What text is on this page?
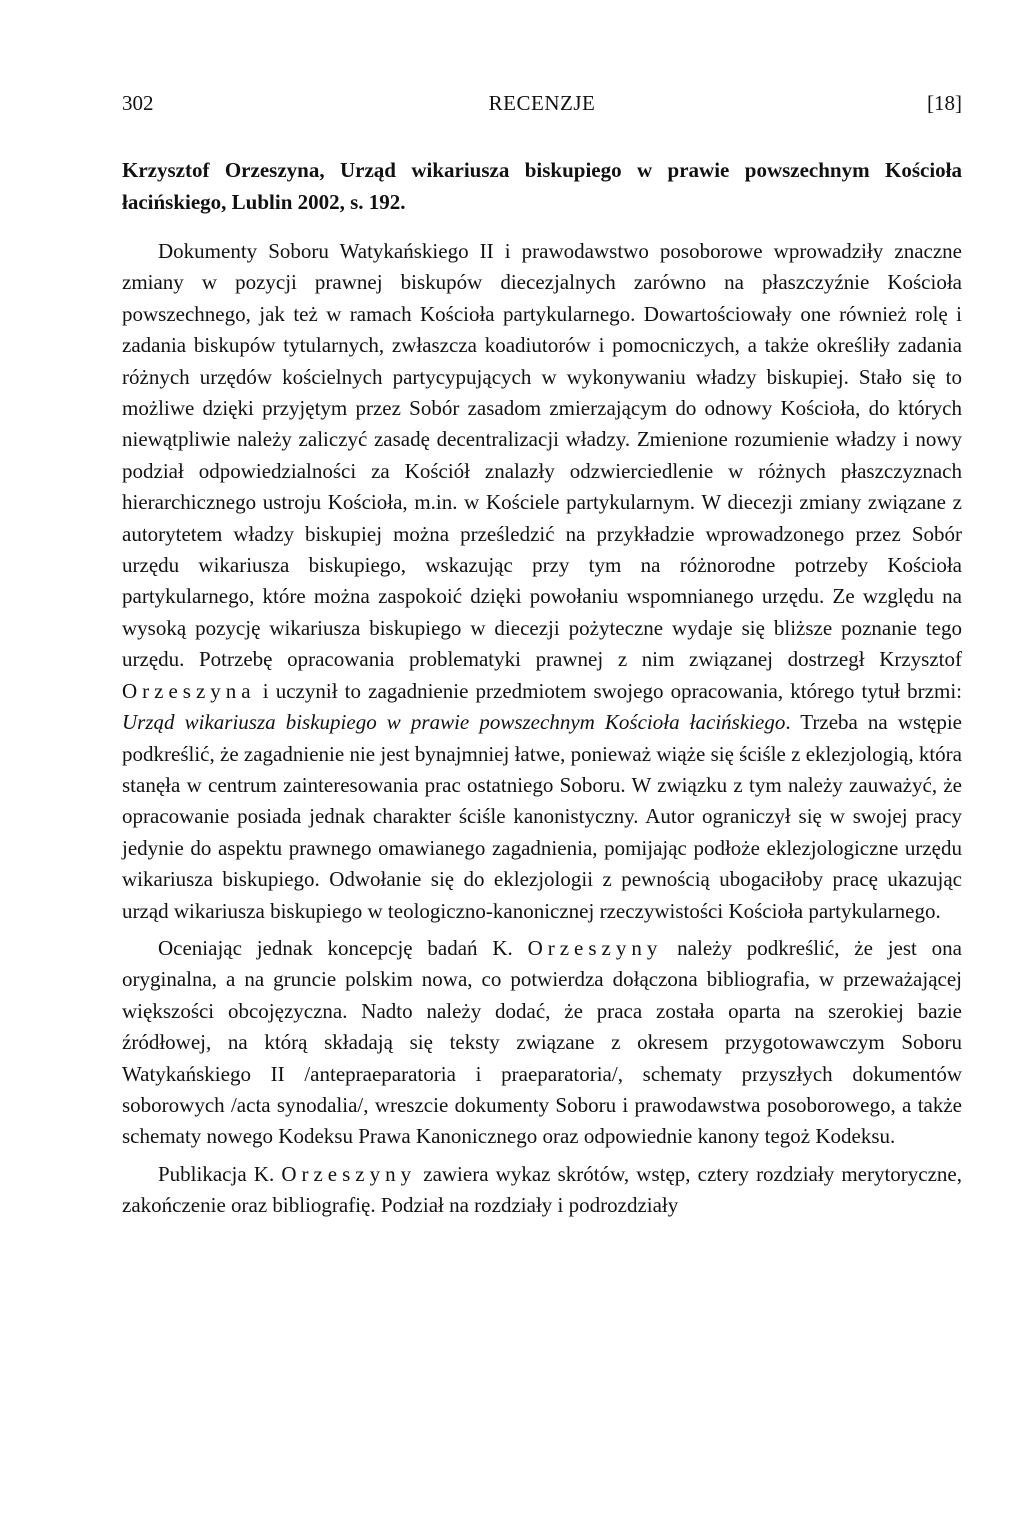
302	RECENZJE	[18]
Krzysztof Orzeszyna, Urząd wikariusza biskupiego w prawie powszechnym Kościoła łacińskiego, Lublin 2002, s. 192.

Dokumenty Soboru Watykańskiego II i prawodawstwo posoborowe wprowadziły znaczne zmiany w pozycji prawnej biskupów diecezjalnych zarówno na płaszczyźnie Kościoła powszechnego, jak też w ramach Kościoła partykularnego. Dowartościowały one również rolę i zadania biskupów tytularnych, zwłaszcza koadiutorów i pomocniczych, a także określiły zadania różnych urzędów kościelnych partycypujących w wykonywaniu władzy biskupiej. Stało się to możliwe dzięki przyjętym przez Sobór zasadom zmierzającym do odnowy Kościoła, do których niewątpliwie należy zaliczyć zasadę decentralizacji władzy. Zmienione rozumienie władzy i nowy podział odpowiedzialności za Kościół znalazły odzwierciedlenie w różnych płaszczyznach hierarchicznego ustroju Kościoła, m.in. w Kościele partykularnym. W diecezji zmiany związane z autorytetem władzy biskupiej można prześledzić na przykładzie wprowadzonego przez Sobór urzędu wikariusza biskupiego, wskazując przy tym na różnorodne potrzeby Kościoła partykularnego, które można zaspokoić dzięki powołaniu wspomnianego urzędu. Ze względu na wysoką pozycję wikariusza biskupiego w diecezji pożyteczne wydaje się bliższe poznanie tego urzędu. Potrzebę opracowania problematyki prawnej z nim związanej dostrzegł Krzysztof Orzeszyna i uczynił to zagadnienie przedmiotem swojego opracowania, którego tytuł brzmi: Urząd wikariusza biskupiego w prawie powszechnym Kościoła łacińskiego. Trzeba na wstępie podkreślić, że zagadnienie nie jest bynajmniej łatwe, ponieważ wiąże się ściśle z eklezjologią, która stanęła w centrum zainteresowania prac ostatniego Soboru. W związku z tym należy zauważyć, że opracowanie posiada jednak charakter ściśle kanonistyczny. Autor ograniczył się w swojej pracy jedynie do aspektu prawnego omawianego zagadnienia, pomijając podłoże eklezjologiczne urzędu wikariusza biskupiego. Odwołanie się do eklezjologii z pewnością ubogaciłoby pracę ukazując urząd wikariusza biskupiego w teologiczno-kanonicznej rzeczywistości Kościoła partykularnego.

Oceniając jednak koncepcję badań K. Orzeszyny należy podkreślić, że jest ona oryginalna, a na gruncie polskim nowa, co potwierdza dołączona bibliografia, w przeważającej większości obcojęzyczna. Nadto należy dodać, że praca została oparta na szerokiej bazie źródłowej, na którą składają się teksty związane z okresem przygotowawczym Soboru Watykańskiego II /antepraeparatoria i praeparatoria/, schematy przyszłych dokumentów soborowych /acta synodalia/, wreszcie dokumenty Soboru i prawodawstwa posoborowego, a także schematy nowego Kodeksu Prawa Kanonicznego oraz odpowiednie kanony tegoż Kodeksu.

Publikacja K. Orzeszyny zawiera wykaz skrótów, wstęp, cztery rozdziały merytoryczne, zakończenie oraz bibliografię. Podział na rozdziały i podrozdziały
